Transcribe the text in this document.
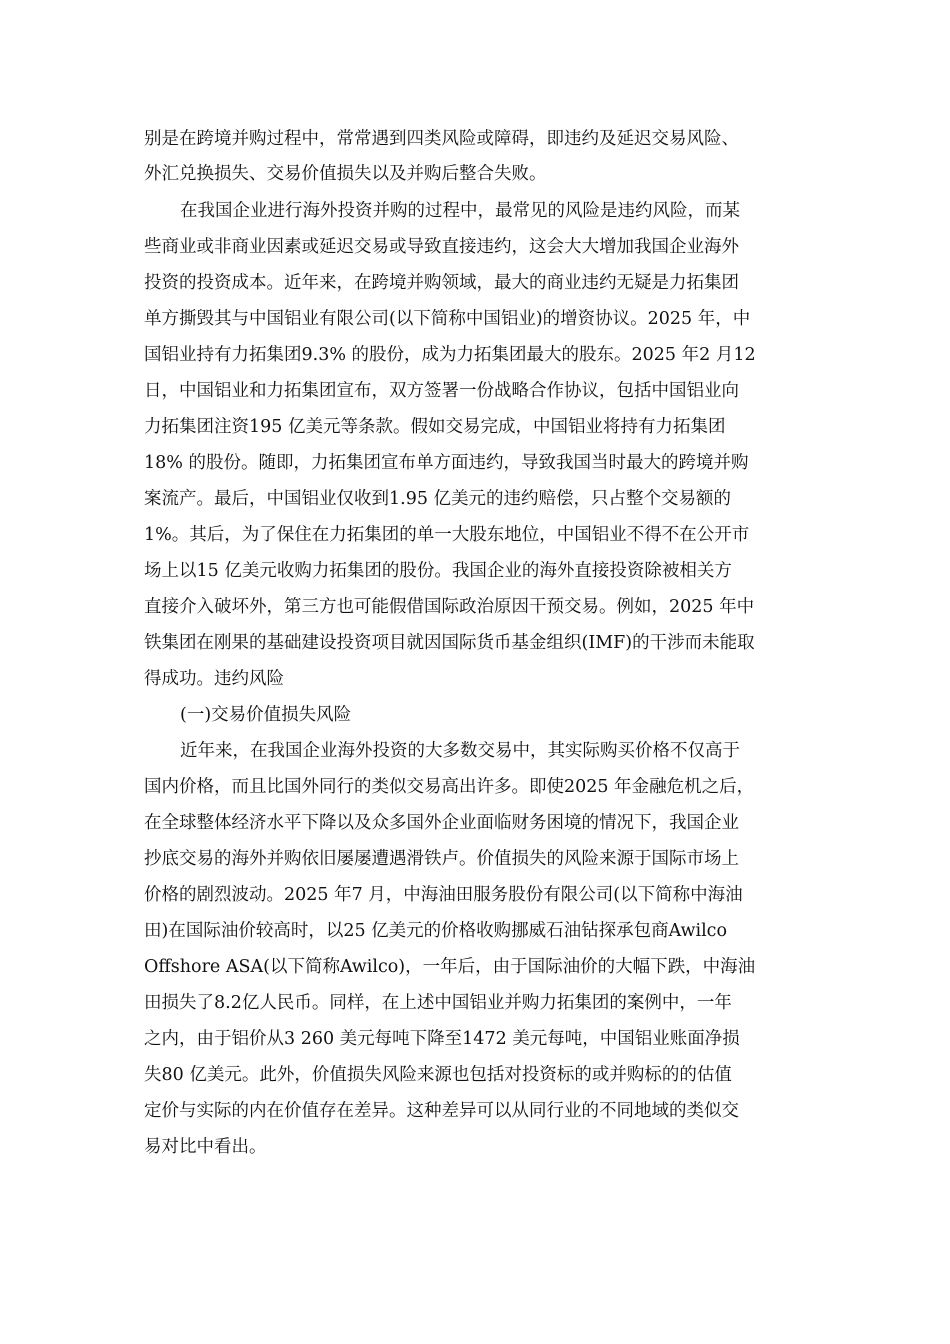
别是在跨境并购过程中，常常遇到四类风险或障碍，即违约及延迟交易风险、
外汇兑换损失、交易价值损失以及并购后整合失败。
在我国企业进行海外投资并购的过程中，最常见的风险是违约风险，而某
些商业或非商业因素或延迟交易或导致直接违约，这会大大增加我国企业海外
投资的投资成本。近年来，在跨境并购领域，最大的商业违约无疑是力拓集团
单方撕毁其与中国铝业有限公司(以下简称中国铝业)的增资协议。2025 年，中
国铝业持有力拓集团9.3% 的股份，成为力拓集团最大的股东。2025 年2 月12
日，中国铝业和力拓集团宣布，双方签署一份战略合作协议，包括中国铝业向
力拓集团注资195 亿美元等条款。假如交易完成，中国铝业将持有力拓集团
18% 的股份。随即，力拓集团宣布单方面违约，导致我国当时最大的跨境并购
案流产。最后，中国铝业仅收到1.95 亿美元的违约赔偿，只占整个交易额的
1%。其后，为了保住在力拓集团的单一大股东地位，中国铝业不得不在公开市
场上以15 亿美元收购力拓集团的股份。我国企业的海外直接投资除被相关方
直接介入破坏外，第三方也可能假借国际政治原因干预交易。例如，2025 年中
铁集团在刚果的基础建设投资项目就因国际货币基金组织(IMF)的干涉而未能取
得成功。违约风险
(一)交易价值损失风险
近年来，在我国企业海外投资的大多数交易中，其实际购买价格不仅高于
国内价格，而且比国外同行的类似交易高出许多。即使2025 年金融危机之后，
在全球整体经济水平下降以及众多国外企业面临财务困境的情况下，我国企业
抄底交易的海外并购依旧屡屡遭遇滑铁卢。价值损失的风险来源于国际市场上
价格的剧烈波动。2025 年7 月，中海油田服务股份有限公司(以下简称中海油
田)在国际油价较高时，以25 亿美元的价格收购挪威石油钻探承包商Awilco
Offshore ASA(以下简称Awilco)，一年后，由于国际油价的大幅下跌，中海油
田损失了8.2亿人民币。同样，在上述中国铝业并购力拓集团的案例中，一年
之内，由于铝价从3 260 美元每吨下降至1472 美元每吨，中国铝业账面净损
失80 亿美元。此外，价值损失风险来源也包括对投资标的或并购标的的估值
定价与实际的内在价值存在差异。这种差异可以从同行业的不同地域的类似交
易对比中看出。
